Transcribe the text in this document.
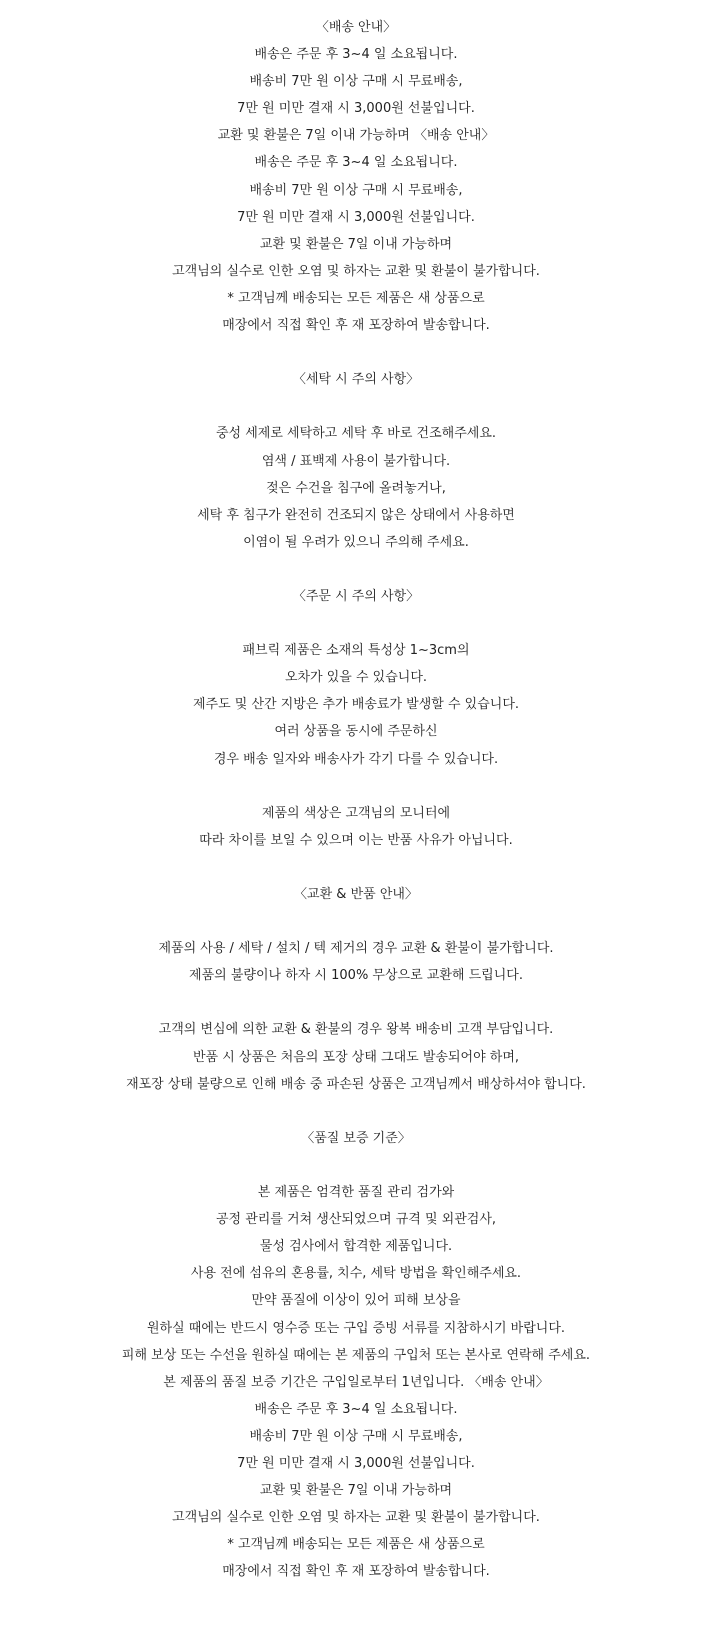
〈배송 안내〉

배송은 주문 후 3~4 일 소요됩니다.

배송비 7만 원 이상 구매 시 무료배송,

7만 원 미만 결재 시 3,000원 선불입니다.

교환 및 환불은 7일 이내 가능하며 〈배송 안내〉

배송은 주문 후 3~4 일 소요됩니다.

배송비 7만 원 이상 구매 시 무료배송,

7만 원 미만 결재 시 3,000원 선불입니다.

교환 및 환불은 7일 이내 가능하며

고객님의 실수로 인한 오염 및 하자는 교환 및 환불이 불가합니다.

* 고객님께 배송되는 모든 제품은 새 상품으로

매장에서 직접 확인 후 재 포장하여 발송합니다.

〈세탁 시 주의 사항〉

중성 세제로 세탁하고 세탁 후 바로 건조해주세요.

염색 / 표백제 사용이 불가합니다.

젖은 수건을 침구에 올려놓거나,

세탁 후 침구가 완전히 건조되지 않은 상태에서 사용하면

이염이 될 우려가 있으니 주의해 주세요.

〈주문 시 주의 사항〉

패브릭 제품은 소재의 특성상 1~3cm의

오차가 있을 수 있습니다.

제주도 및 산간 지방은 추가 배송료가 발생할 수 있습니다.

여러 상품을 동시에 주문하신

경우 배송 일자와 배송사가 각기 다를 수 있습니다.

제품의 색상은 고객님의 모니터에

따라 차이를 보일 수 있으며 이는 반품 사유가 아닙니다.

〈교환 & 반품 안내〉

제품의 사용 / 세탁 / 설치 / 텍 제거의 경우 교환 & 환불이 불가합니다.

제품의 불량이나 하자 시 100% 무상으로 교환해 드립니다.

고객의 변심에 의한 교환 & 환불의 경우 왕복 배송비 고객 부담입니다.

반품 시 상품은 처음의 포장 상태 그대도 발송되어야 하며,

재포장 상태 불량으로 인해 배송 중 파손된 상품은 고객님께서 배상하셔야 합니다.

〈품질 보증 기준〉

본 제품은 엄격한 품질 관리 검가와

공정 관리를 거쳐 생산되었으며 규격 및 외관검사,

물성 검사에서 합격한 제품입니다.

사용 전에 섬유의 혼용률, 치수, 세탁 방법을 확인해주세요.

만약 품질에 이상이 있어 피해 보상을

원하실 때에는 반드시 영수증 또는 구입 증빙 서류를 지참하시기 바랍니다.

피해 보상 또는 수선을 원하실 때에는 본 제품의 구입처 또는 본사로 연락해 주세요.

본 제품의 품질 보증 기간은 구입일로부터 1년입니다. 〈배송 안내〉

배송은 주문 후 3~4 일 소요됩니다.

배송비 7만 원 이상 구매 시 무료배송,

7만 원 미만 결재 시 3,000원 선불입니다.

교환 및 환불은 7일 이내 가능하며

고객님의 실수로 인한 오염 및 하자는 교환 및 환불이 불가합니다.

* 고객님께 배송되는 모든 제품은 새 상품으로

매장에서 직접 확인 후 재 포장하여 발송합니다.
